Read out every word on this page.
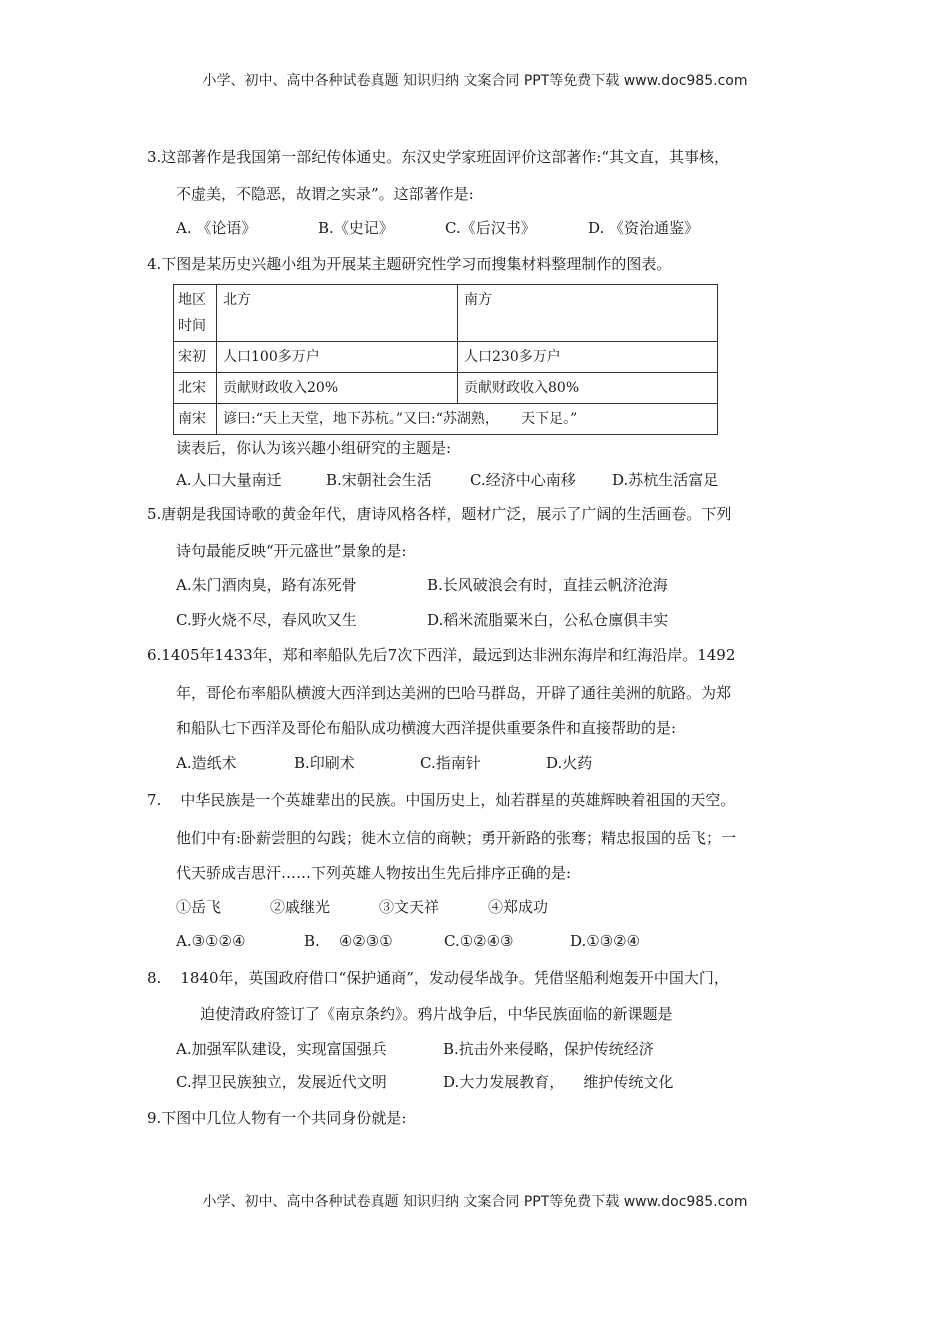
小学、初中、高中各种试卷真题 知识归纳 文案合同 PPT等免费下载 www.doc985.com
3.这部著作是我国第一部纪传体通史。东汉史学家班固评价这部著作:“其文直，其事核，
不虚美，不隐恶，故谓之实录”。这部著作是:
A. 《论语》	B.《史记》	C.《后汉书》	D. 《资治通鉴》
4.下图是某历史兴趣小组为开展某主题研究性学习而搜集材料整理制作的图表。
地区
时间	北方	南方
宋初	人口100多万户	人口230多万户
北宋	贡献财政收入20%	贡献财政收入80%
南宋	谚曰:“天上天堂，地下苏杭。”又曰:“苏湖熟，     天下足。”	
读表后，你认为该兴趣小组研究的主题是:
A.人口大量南迁	B.宋朝社会生活	C.经济中心南移 D.苏杭生活富足
5.唐朝是我国诗歌的黄金年代，唐诗风格各样，题材广泛，展示了广阔的生活画卷。下列
诗句最能反映“开元盛世”景象的是:
A.朱门酒肉臭，路有冻死骨	B.长风破浪会有时，直挂云帆济沧海
C.野火烧不尽，春风吹又生	D.稻米流脂粟米白，公私仓廪俱丰实
6.1405年1433年，郑和率船队先后7次下西洋，最远到达非洲东海岸和红海沿岸。1492
年，哥伦布率船队横渡大西洋到达美洲的巴哈马群岛，开辟了通往美洲的航路。为郑
和船队七下西洋及哥伦布船队成功横渡大西洋提供重要条件和直接帮助的是:
A.造纸术	B.印刷术	C.指南针	D.火药
7.    中华民族是一个英雄辈出的民族。中国历史上，灿若群星的英雄辉映着祖国的天空。
他们中有:卧薪尝胆的勾践；徙木立信的商鞅；勇开新路的张骞；精忠报国的岳飞；一
代天骄成吉思汗……下列英雄人物按出生先后排序正确的是:
①岳飞	②戚继光	③文天祥	④郑成功
A.③①②④	B.    ④②③①	C.①②④③	D.①③②④
8.    1840年，英国政府借口“保护通商”，发动侵华战争。凭借坚船利炮轰开中国大门，
迫使清政府签订了《南京条约》。鸦片战争后，中华民族面临的新课题是
A.加强军队建设，实现富国强兵	B.抗击外来侵略，保护传统经济
C.捍卫民族独立，发展近代文明	D.大力发展教育，    维护传统文化
9.下图中几位人物有一个共同身份就是:
小学、初中、高中各种试卷真题 知识归纳 文案合同 PPT等免费下载 www.doc985.com
